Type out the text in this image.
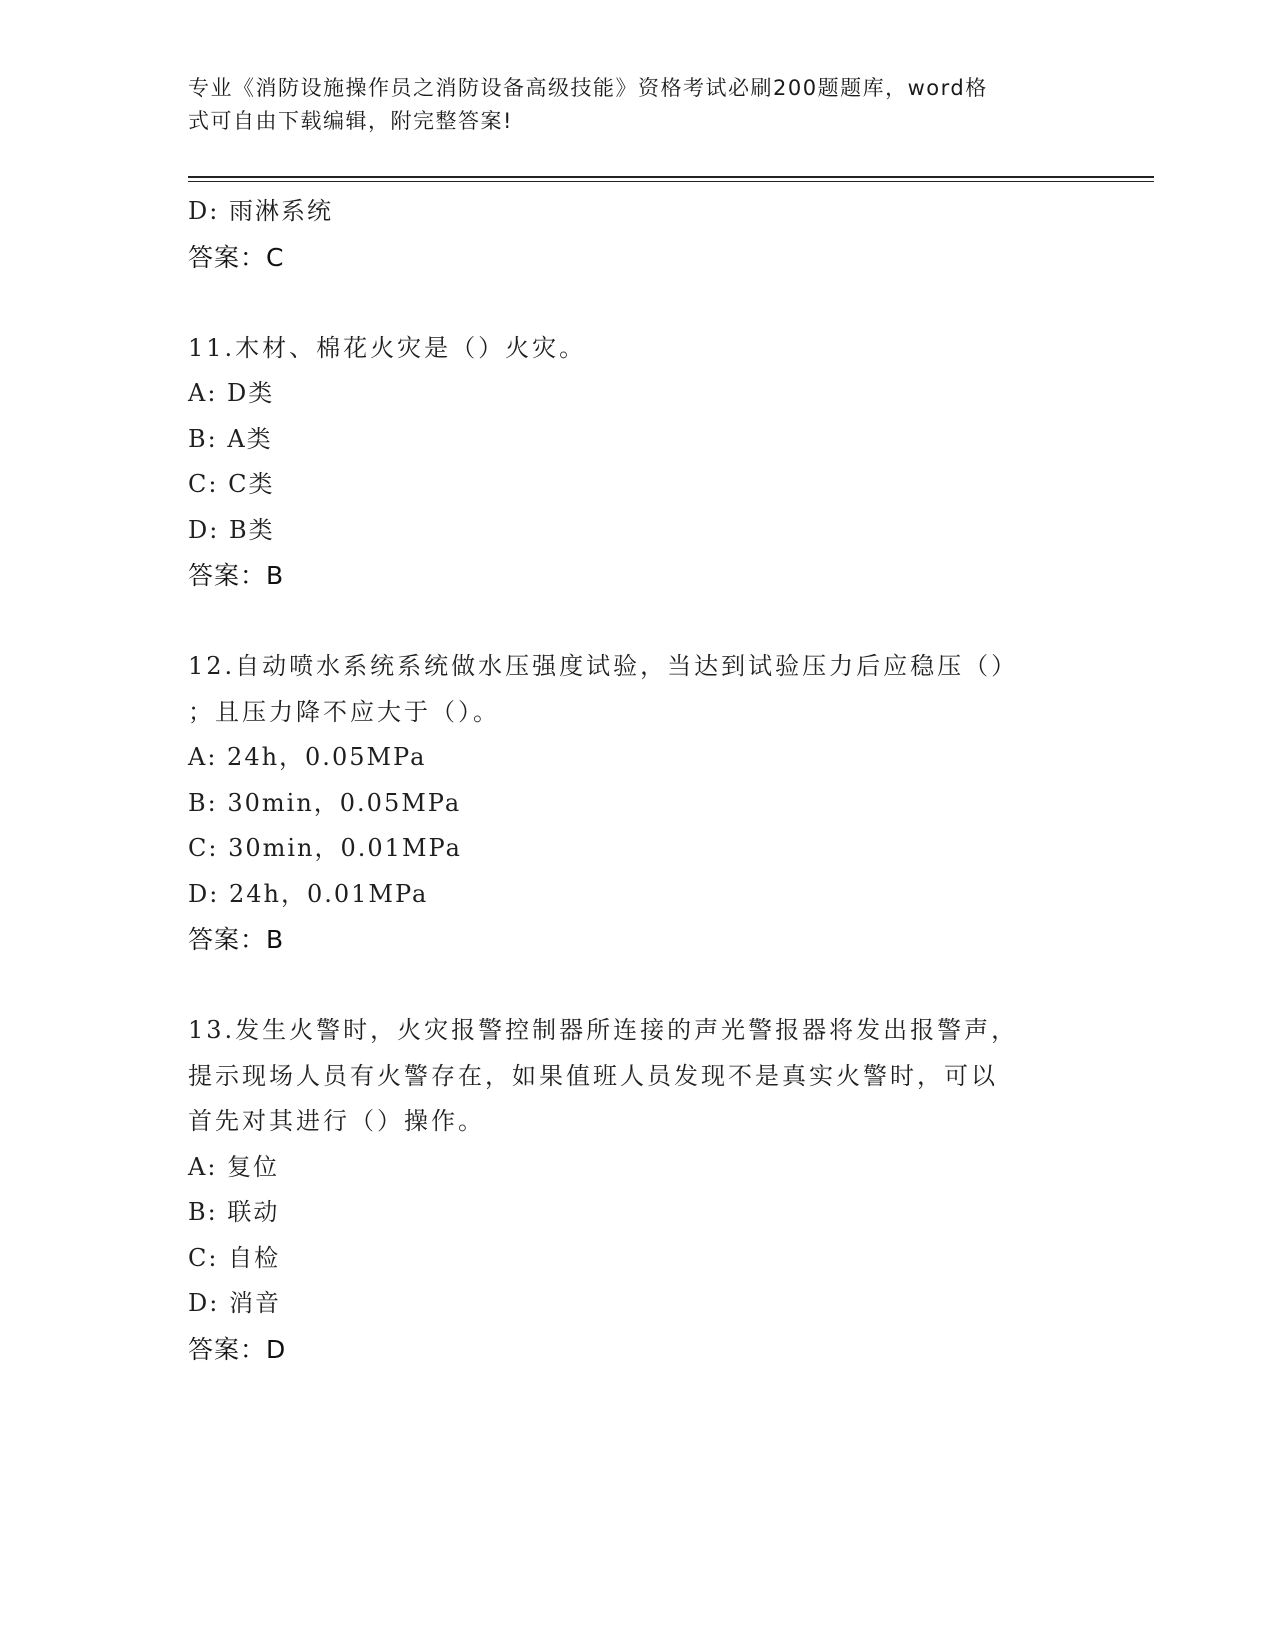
专业《消防设施操作员之消防设备高级技能》资格考试必刷200题题库，word格
式可自由下载编辑，附完整答案!
D: 雨淋系统
答案：C
11.木材、棉花火灾是（）火灾。
A: D类
B: A类
C: C类
D: B类
答案：B
12.自动喷水系统系统做水压强度试验，当达到试验压力后应稳压（）
；且压力降不应大于（）。
A: 24h，0.05MPa
B: 30min，0.05MPa
C: 30min，0.01MPa
D: 24h，0.01MPa
答案：B
13.发生火警时，火灾报警控制器所连接的声光警报器将发出报警声，
提示现场人员有火警存在，如果值班人员发现不是真实火警时，可以
首先对其进行（）操作。
A: 复位
B: 联动
C: 自检
D: 消音
答案：D
